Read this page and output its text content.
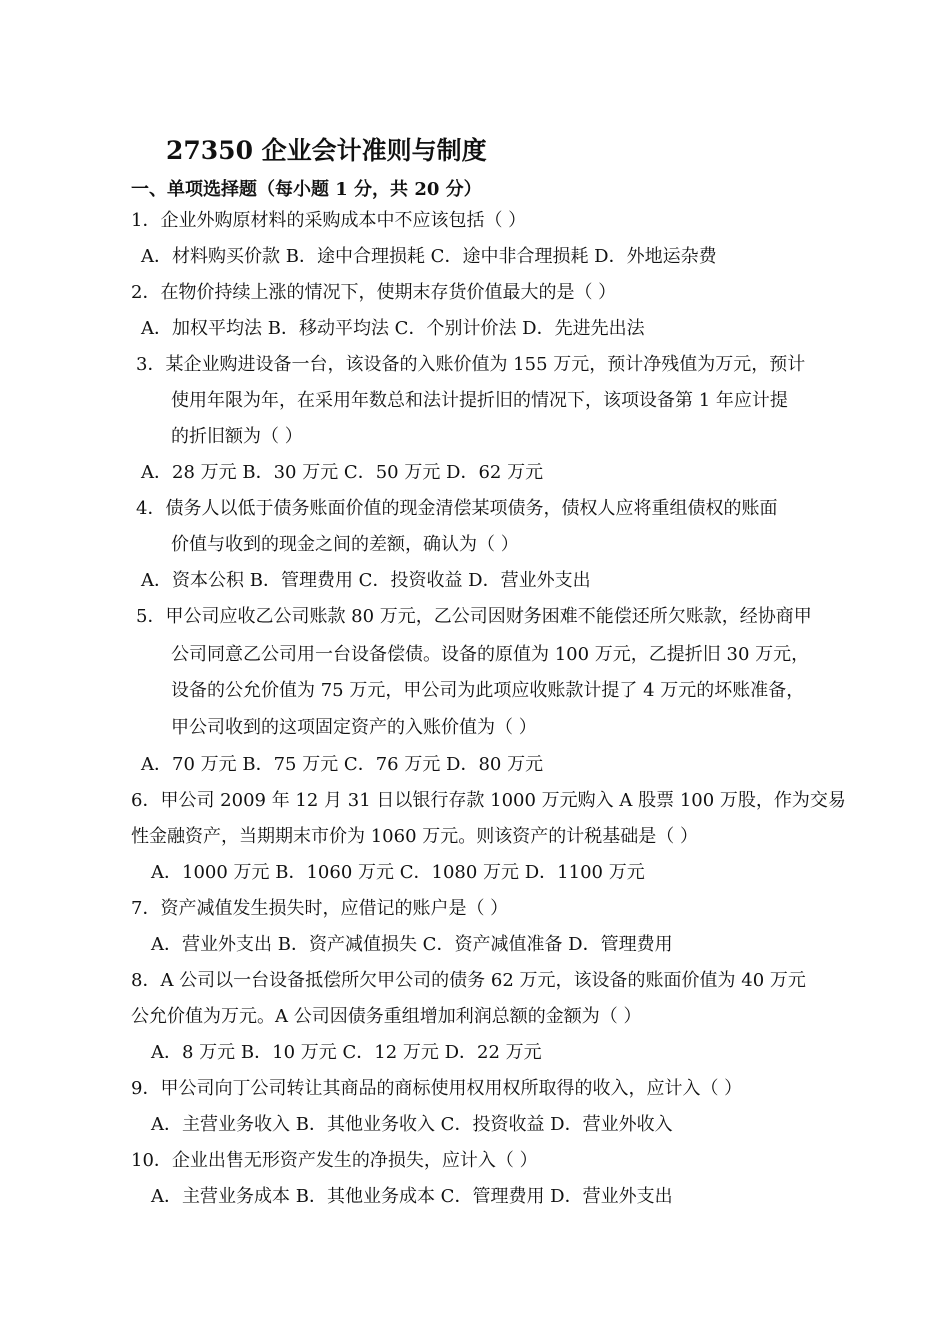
27350 企业会计准则与制度
一、单项选择题（每小题 1 分，共 20 分）
1．企业外购原材料的采购成本中不应该包括（ ）
A．材料购买价款 B．途中合理损耗 C．途中非合理损耗 D．外地运杂费
2．在物价持续上涨的情况下，使期末存货价值最大的是（ ）
A．加权平均法 B．移动平均法 C．个别计价法 D．先进先出法
3．某企业购进设备一台，该设备的入账价值为 155 万元，预计净残值为万元，预计
使用年限为年，在采用年数总和法计提折旧的情况下，该项设备第 1 年应计提
的折旧额为（ ）
A．28 万元 B．30 万元 C．50 万元 D．62 万元
4．债务人以低于债务账面价值的现金清偿某项债务，债权人应将重组债权的账面
价值与收到的现金之间的差额，确认为（ ）
A．资本公积 B．管理费用 C．投资收益 D．营业外支出
5．甲公司应收乙公司账款 80 万元，乙公司因财务困难不能偿还所欠账款，经协商甲
公司同意乙公司用一台设备偿债。设备的原值为 100 万元，乙提折旧 30 万元，
设备的公允价值为 75 万元，甲公司为此项应收账款计提了 4 万元的坏账准备，
甲公司收到的这项固定资产的入账价值为（ ）
A．70 万元 B．75 万元 C．76 万元 D．80 万元
6．甲公司 2009 年 12 月 31 日以银行存款 1000 万元购入 A 股票 100 万股，作为交易
性金融资产，当期期末市价为 1060 万元。则该资产的计税基础是（ ）
A．1000 万元 B．1060 万元 C．1080 万元 D．1100 万元
7．资产减值发生损失时，应借记的账户是（ ）
A．营业外支出 B．资产减值损失 C．资产减值准备 D．管理费用
8．A 公司以一台设备抵偿所欠甲公司的债务 62 万元，该设备的账面价值为 40 万元
公允价值为万元。A 公司因债务重组增加利润总额的金额为（ ）
A．8 万元 B．10 万元 C．12 万元 D．22 万元
9．甲公司向丁公司转让其商品的商标使用权用权所取得的收入，应计入（ ）
A．主营业务收入 B．其他业务收入 C．投资收益 D．营业外收入
10．企业出售无形资产发生的净损失，应计入（ ）
A．主营业务成本 B．其他业务成本 C．管理费用 D．营业外支出
